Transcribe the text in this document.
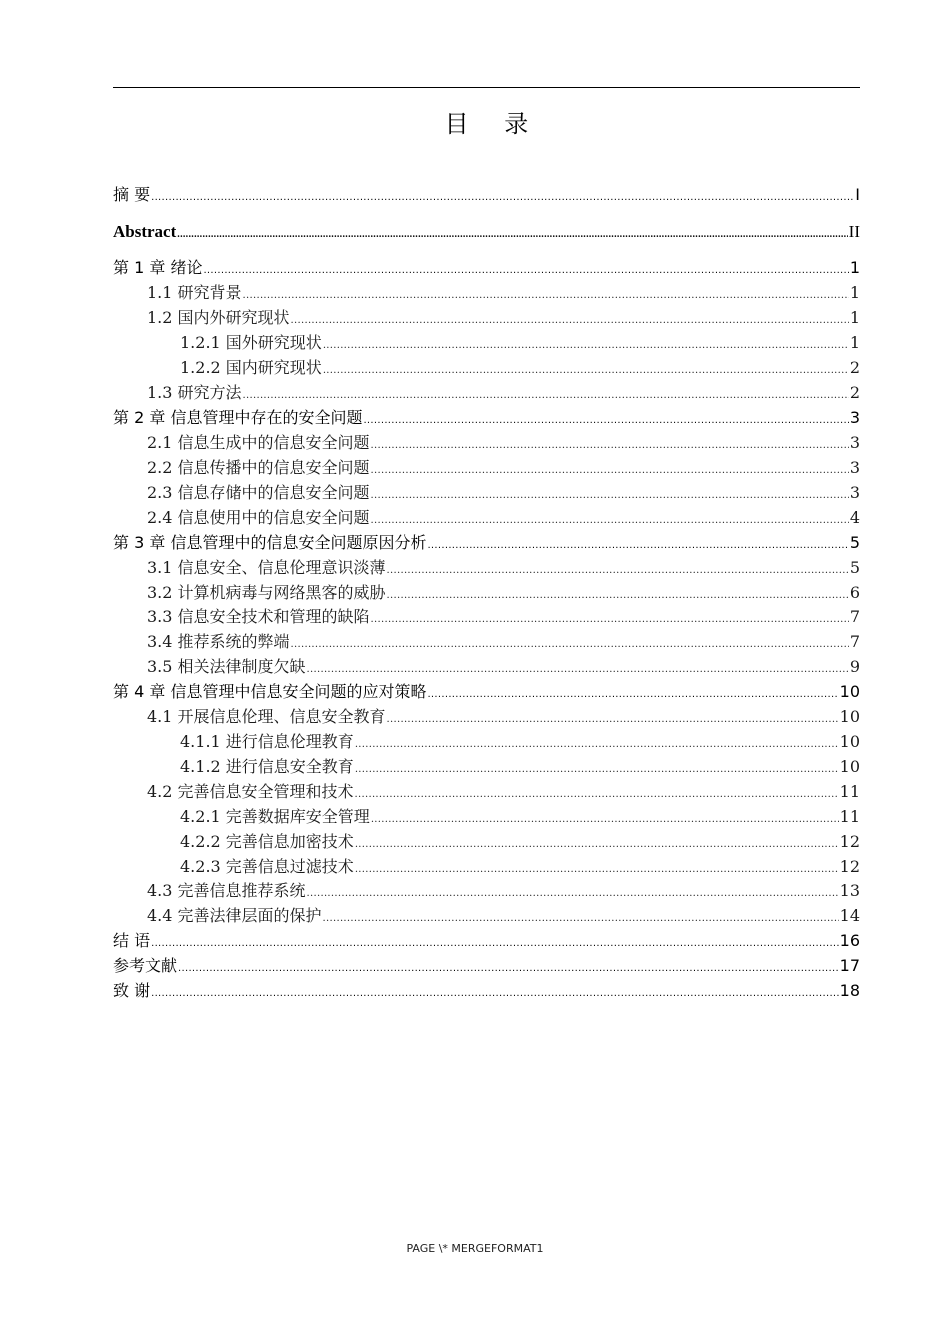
目 录
摘 要 .....	I
Abstract .....	II
第 1 章 绪论 .....	1
1.1 研究背景 .....	1
1.2 国内外研究现状 .....	1
1.2.1 国外研究现状 .....	1
1.2.2 国内研究现状 .....	2
1.3 研究方法 .....	2
第 2 章 信息管理中存在的安全问题 .....	3
2.1 信息生成中的信息安全问题 .....	3
2.2 信息传播中的信息安全问题 .....	3
2.3 信息存储中的信息安全问题 .....	3
2.4 信息使用中的信息安全问题 .....	4
第 3 章 信息管理中的信息安全问题原因分析 .....	5
3.1 信息安全、信息伦理意识淡薄 .....	5
3.2 计算机病毒与网络黑客的威胁 .....	6
3.3 信息安全技术和管理的缺陷 .....	7
3.4 推荐系统的弊端 .....	7
3.5 相关法律制度欠缺 .....	9
第 4 章 信息管理中信息安全问题的应对策略 .....	10
4.1 开展信息伦理、信息安全教育 .....	10
4.1.1 进行信息伦理教育 .....	10
4.1.2 进行信息安全教育 .....	10
4.2 完善信息安全管理和技术 .....	11
4.2.1 完善数据库安全管理 .....	11
4.2.2 完善信息加密技术 .....	12
4.2.3 完善信息过滤技术 .....	12
4.3 完善信息推荐系统 .....	13
4.4 完善法律层面的保护 .....	14
结 语 .....	16
参考文献 .....	17
致 谢 .....	18
PAGE \* MERGEFORMAT1
